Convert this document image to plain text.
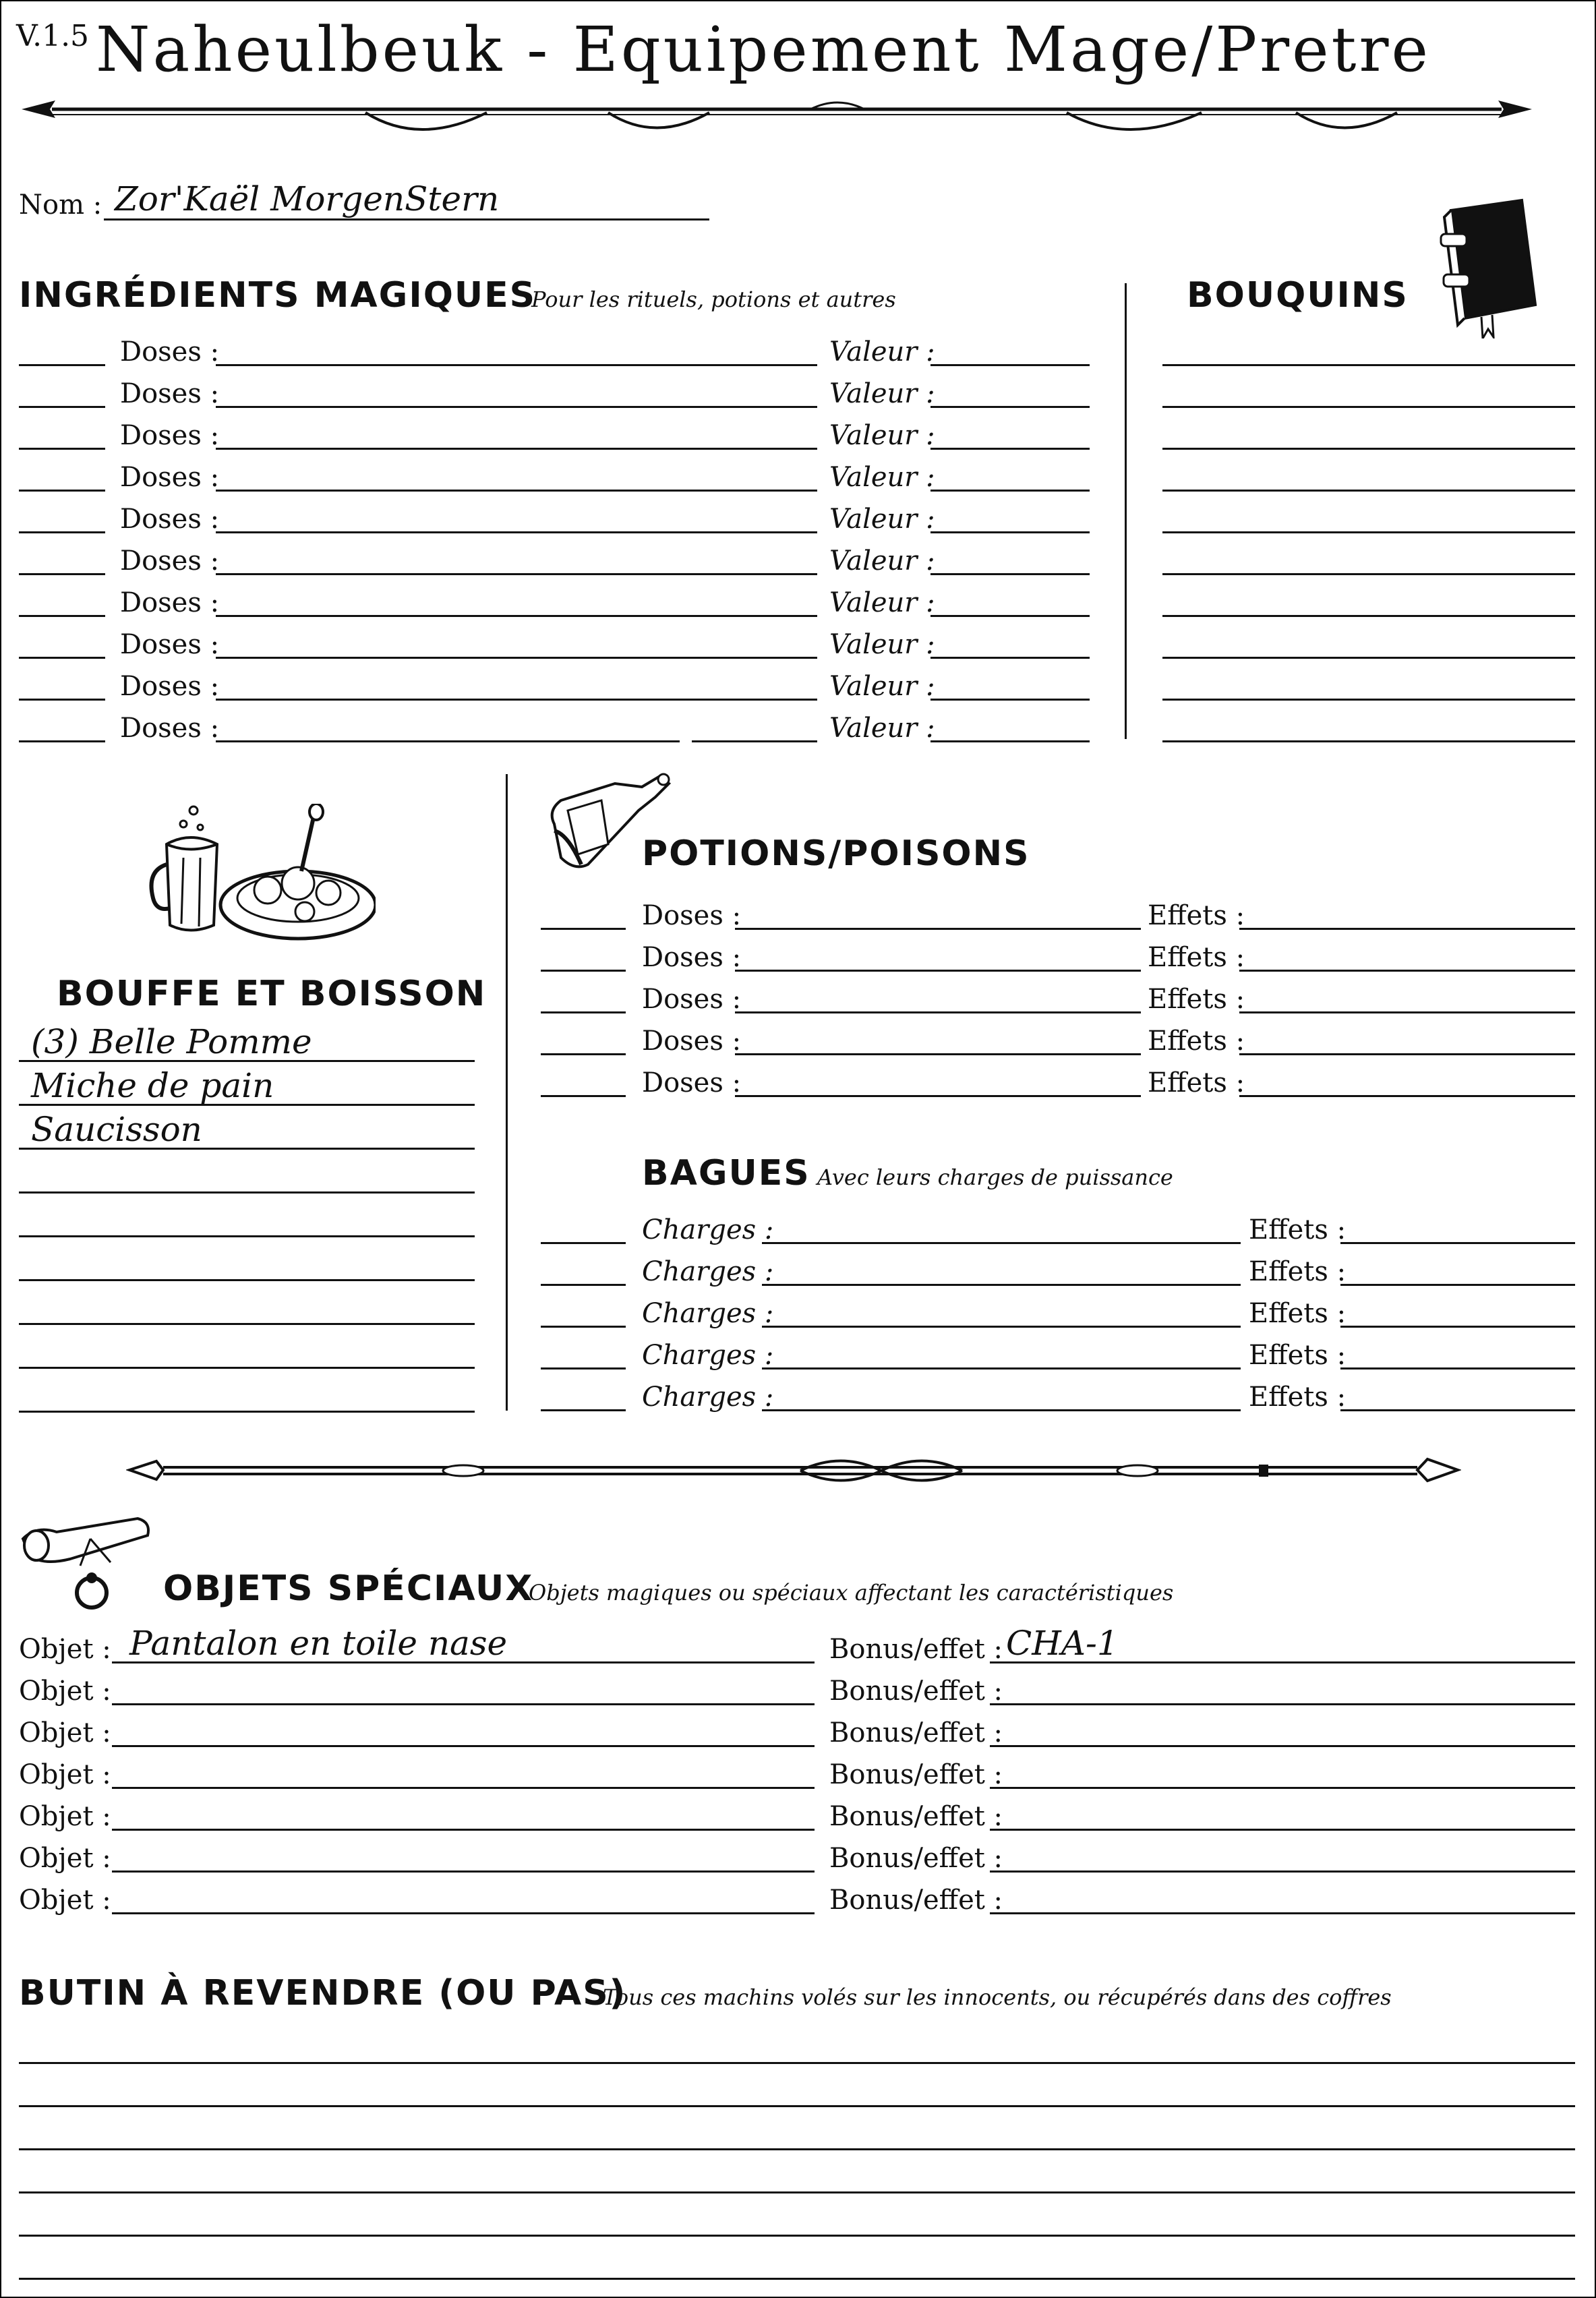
V.1.5 Naheulbeuk - Equipement Mage/Pretre
Nom : Zor'Kaël MorgenStern
INGRÉDIENTS MAGIQUES
Pour les rituels, potions et autres
Doses :	Valeur :
Doses :	Valeur :
Doses :	Valeur :
Doses :	Valeur :
Doses :	Valeur :
Doses :	Valeur :
Doses :	Valeur :
Doses :	Valeur :
Doses :	Valeur :
Doses :	Valeur :
BOUQUINS
BOUFFE ET BOISSON
(3) Belle Pomme
Miche de pain
Saucisson
POTIONS/POISONS
Doses :	Effets :
Doses :	Effets :
Doses :	Effets :
Doses :	Effets :
Doses :	Effets :
BAGUES Avec leurs charges de puissance
Charges :	Effets :
Charges :	Effets :
Charges :	Effets :
Charges :	Effets :
Charges :	Effets :
OBJETS SPÉCIAUX
Objets magiques ou spéciaux affectant les caractéristiques
Objet : Pantalon en toile nase	Bonus/effet : CHA-1
Objet :	Bonus/effet :
Objet :	Bonus/effet :
Objet :	Bonus/effet :
Objet :	Bonus/effet :
Objet :	Bonus/effet :
Objet :	Bonus/effet :
BUTIN À REVENDRE (OU PAS)
Tous ces machins volés sur les innocents, ou récupérés dans des coffres
